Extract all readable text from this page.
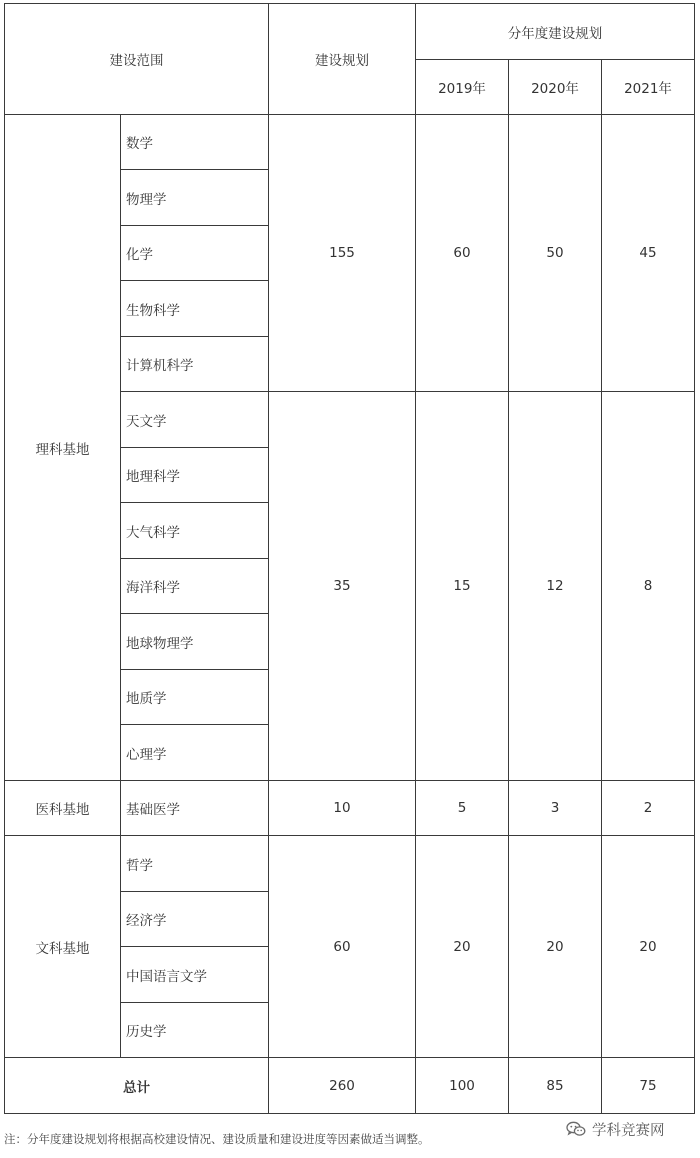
建设范围		建设规划	分年度建设规划		
			2019年	2020年	2021年
理科基地	数学	155	60	50	45
	物理学				
	化学				
	生物科学				
	计算机科学				
	天文学	35	15	12	8
	地理科学				
	大气科学				
	海洋科学				
	地球物理学				
	地质学				
	心理学				
医科基地	基础医学	10	5	3	2
文科基地	哲学	60	20	20	20
	经济学				
	中国语言文学				
	历史学				
总计		260	100	85	75
注：分年度建设规划将根据高校建设情况、建设质量和建设进度等因素做适当调整。
学科竞赛网
